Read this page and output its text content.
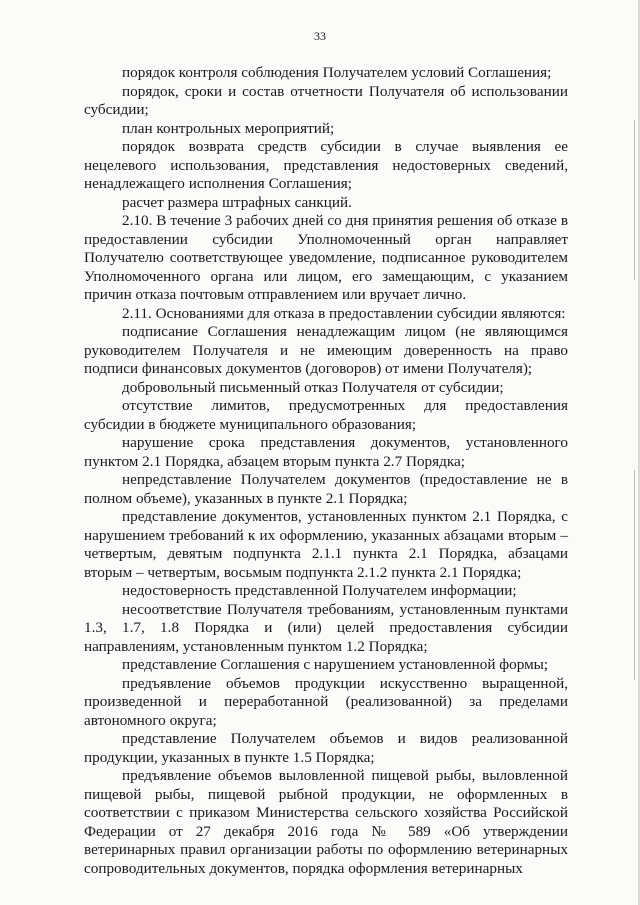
33

порядок контроля соблюдения Получателем условий Соглашения;

порядок, сроки и состав отчетности Получателя об использовании субсидии;

план контрольных мероприятий;

порядок возврата средств субсидии в случае выявления ее нецелевого использования, представления недостоверных сведений, ненадлежащего исполнения Соглашения;

расчет размера штрафных санкций.

2.10. В течение 3 рабочих дней со дня принятия решения об отказе в предоставлении субсидии Уполномоченный орган направляет Получателю соответствующее уведомление, подписанное руководителем Уполномоченного органа или лицом, его замещающим, с указанием причин отказа почтовым отправлением или вручает лично.

2.11. Основаниями для отказа в предоставлении субсидии являются:

подписание Соглашения ненадлежащим лицом (не являющимся руководителем Получателя и не имеющим доверенность на право подписи финансовых документов (договоров) от имени Получателя);

добровольный письменный отказ Получателя от субсидии;

отсутствие лимитов, предусмотренных для предоставления субсидии в бюджете муниципального образования;

нарушение срока представления документов, установленного пунктом 2.1 Порядка, абзацем вторым пункта 2.7 Порядка;

непредставление Получателем документов (предоставление не в полном объеме), указанных в пункте 2.1 Порядка;

представление документов, установленных пунктом 2.1 Порядка, с нарушением требований к их оформлению, указанных абзацами вторым – четвертым, девятым подпункта 2.1.1 пункта 2.1 Порядка, абзацами вторым – четвертым, восьмым подпункта 2.1.2 пункта 2.1 Порядка;

недостоверность представленной Получателем информации;

несоответствие Получателя требованиям, установленным пунктами 1.3, 1.7, 1.8 Порядка и (или) целей предоставления субсидии направлениям, установленным пунктом 1.2 Порядка;

представление Соглашения с нарушением установленной формы;

предъявление объемов продукции искусственно выращенной, произведенной и переработанной (реализованной) за пределами автономного округа;

представление Получателем объемов и видов реализованной продукции, указанных в пункте 1.5 Порядка;

предъявление объемов выловленной пищевой рыбы, выловленной пищевой рыбы, пищевой рыбной продукции, не оформленных в соответствии с приказом Министерства сельского хозяйства Российской Федерации от 27 декабря 2016 года № 589 «Об утверждении ветеринарных правил организации работы по оформлению ветеринарных сопроводительных документов, порядка оформления ветеринарных
